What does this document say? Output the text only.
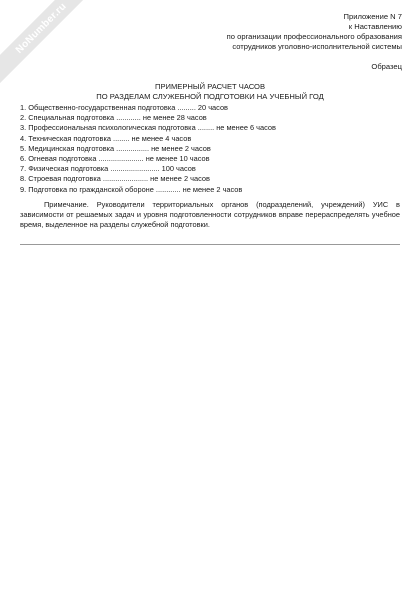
NoNumber.ru	Приложение N 7
к Наставлению
по организации профессионального образования
сотрудников уголовно-исполнительной системы
Образец
ПРИМЕРНЫЙ РАСЧЕТ ЧАСОВ
ПО РАЗДЕЛАМ СЛУЖЕБНОЙ ПОДГОТОВКИ НА УЧЕБНЫЙ ГОД
1. Общественно-государственная подготовка ......... 20 часов
2. Специальная подготовка ............ не менее 28 часов
3. Профессиональная психологическая подготовка ........ не менее 6 часов
4. Техническая подготовка ........ не менее 4 часов
5. Медицинская подготовка ................ не менее 2 часов
6. Огневая подготовка ...................... не менее 10 часов
7. Физическая подготовка ........................ 100 часов
8. Строевая подготовка ...................... не менее 2 часов
9. Подготовка по гражданской обороне ............ не менее 2 часов
Примечание. Руководители территориальных органов (подразделений, учреждений) УИС в зависимости от решаемых задач и уровня подготовленности сотрудников вправе перераспределять учебное время, выделенное на разделы служебной подготовки.
